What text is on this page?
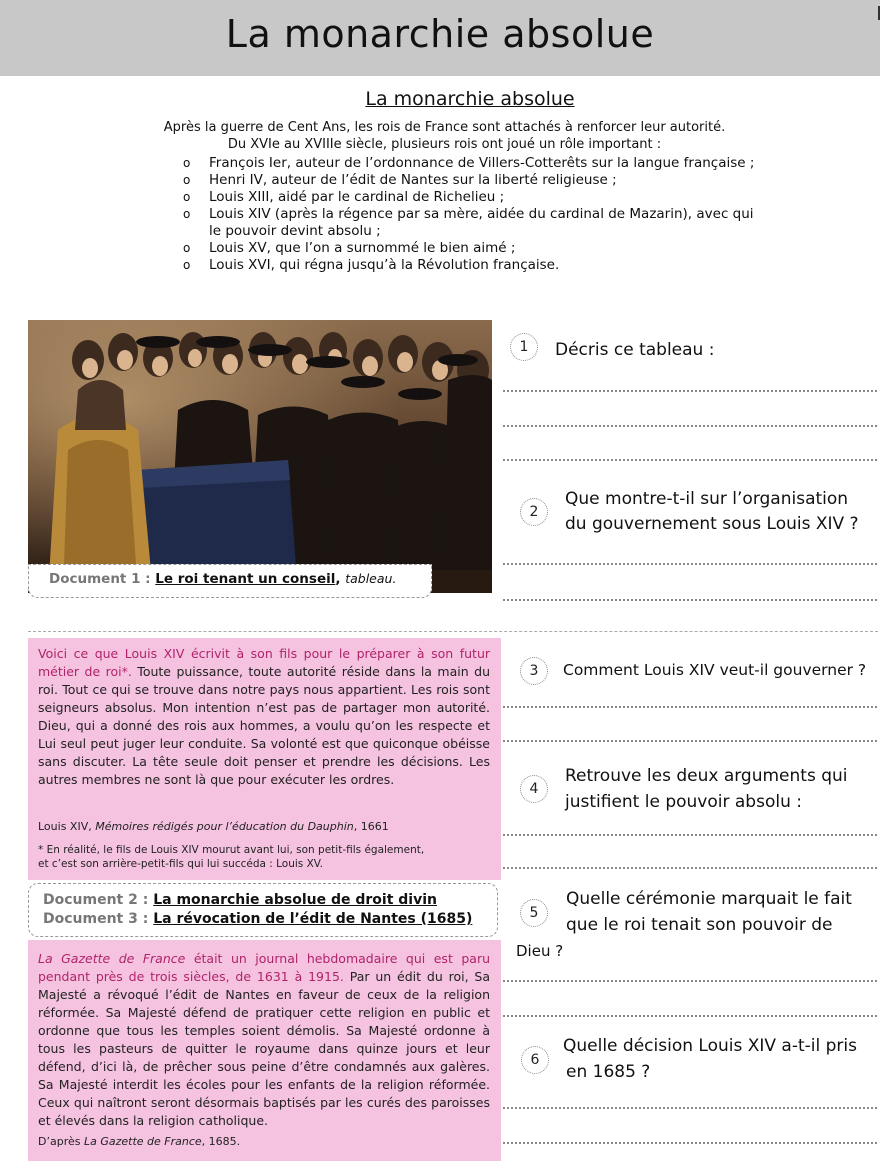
La monarchie absolue
La monarchie absolue
Après la guerre de Cent Ans, les rois de France sont attachés à renforcer leur autorité.
Du XVIe au XVIIIe siècle, plusieurs rois ont joué un rôle important :
o François Ier, auteur de l’ordonnance de Villers-Cotterêts sur la langue française ;
o Henri IV, auteur de l’édit de Nantes sur la liberté religieuse ;
o Louis XIII, aidé par le cardinal de Richelieu ;
o Louis XIV (après la régence par sa mère, aidée du cardinal de Mazarin), avec qui le pouvoir devint absolu ;
o Louis XV, que l’on a surnommé le bien aimé ;
o Louis XVI, qui régna jusqu’à la Révolution française.
Document 1 : Le roi tenant un conseil, tableau.
1	Décris ce tableau :
2
Que montre-t-il sur l’organisation
du gouvernement sous Louis XIV ?
Voici ce que Louis XIV écrivit à son fils pour le préparer à son futur métier de roi*. Toute puissance, toute autorité réside dans la main du roi. Tout ce qui se trouve dans notre pays nous appartient. Les rois sont seigneurs absolus. Mon intention n’est pas de partager mon autorité. Dieu, qui a donné des rois aux hommes, a voulu qu’on les respecte et Lui seul peut juger leur conduite. Sa volonté est que quiconque obéisse sans discuter. La tête seule doit penser et prendre les décisions. Les autres membres ne sont là que pour exécuter les ordres.
Louis XIV, Mémoires rédigés pour l’éducation du Dauphin, 1661
* En réalité, le fils de Louis XIV mourut avant lui, son petit-fils également,
et c’est son arrière-petit-fils qui lui succéda : Louis XV.
3	Comment Louis XIV veut-il gouverner ?
4
Retrouve les deux arguments qui
justifient le pouvoir absolu :
Document 2 : La monarchie absolue de droit divin
Document 3 : La révocation de l’édit de Nantes (1685)
La Gazette de France était un journal hebdomadaire qui est paru pendant près de trois siècles, de 1631 à 1915. Par un édit du roi, Sa Majesté a révoqué l’édit de Nantes en faveur de ceux de la religion réformée. Sa Majesté défend de pratiquer cette religion en public et ordonne que tous les temples soient démolis. Sa Majesté ordonne à tous les pasteurs de quitter le royaume dans quinze jours et leur défend, d’ici là, de prêcher sous peine d’être condamnés aux galères. Sa Majesté interdit les écoles pour les enfants de la religion réformée. Ceux qui naîtront seront désormais baptisés par les curés des paroisses et élevés dans la religion catholique.
D’après La Gazette de France, 1685.
5
Quelle cérémonie marquait le fait
que le roi tenait son pouvoir de
Dieu ?
6
Quelle décision Louis XIV a-t-il pris
en 1685 ?
